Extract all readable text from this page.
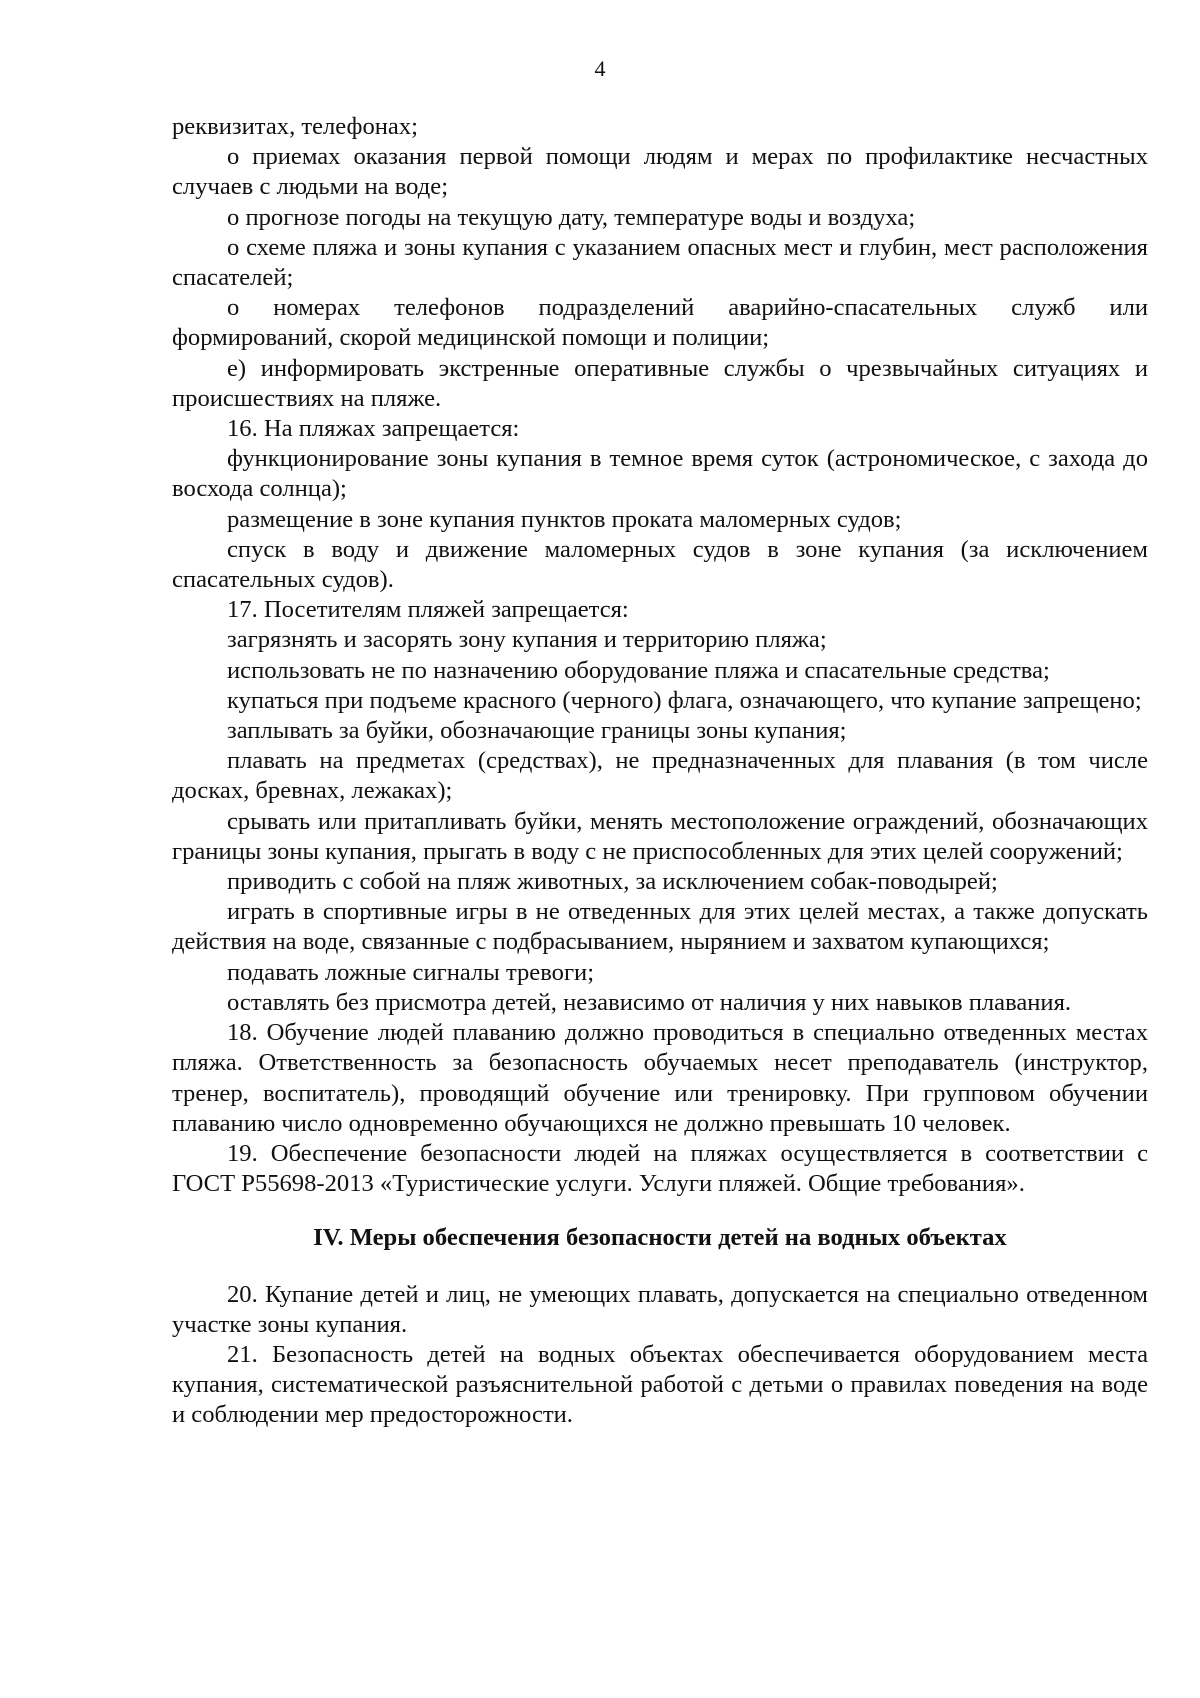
4

реквизитах, телефонах;

о приемах оказания первой помощи людям и мерах по профилактике несчастных случаев с людьми на воде;

о прогнозе погоды на текущую дату, температуре воды и воздуха;

о схеме пляжа и зоны купания с указанием опасных мест и глубин, мест расположения спасателей;

о номерах телефонов подразделений аварийно-спасательных служб или формирований, скорой медицинской помощи и полиции;

е) информировать экстренные оперативные службы о чрезвычайных ситуациях и происшествиях на пляже.

16. На пляжах запрещается:

функционирование зоны купания в темное время суток (астрономическое, с захода до восхода солнца);

размещение в зоне купания пунктов проката маломерных судов;

спуск в воду и движение маломерных судов в зоне купания (за исключением спасательных судов).

17. Посетителям пляжей запрещается:

загрязнять и засорять зону купания и территорию пляжа;

использовать не по назначению оборудование пляжа и спасательные средства;

купаться при подъеме красного (черного) флага, означающего, что купание запрещено;

заплывать за буйки, обозначающие границы зоны купания;

плавать на предметах (средствах), не предназначенных для плавания (в том числе досках, бревнах, лежаках);

срывать или притапливать буйки, менять местоположение ограждений, обозначающих границы зоны купания, прыгать в воду с не приспособленных для этих целей сооружений;

приводить с собой на пляж животных, за исключением собак-поводырей;

играть в спортивные игры в не отведенных для этих целей местах, а также допускать действия на воде, связанные с подбрасыванием, нырянием и захватом купающихся;

подавать ложные сигналы тревоги;

оставлять без присмотра детей, независимо от наличия у них навыков плавания.

18. Обучение людей плаванию должно проводиться в специально отведенных местах пляжа. Ответственность за безопасность обучаемых несет преподаватель (инструктор, тренер, воспитатель), проводящий обучение или тренировку. При групповом обучении плаванию число одновременно обучающихся не должно превышать 10 человек.

19. Обеспечение безопасности людей на пляжах осуществляется в соответствии с ГОСТ Р55698-2013 «Туристические услуги. Услуги пляжей. Общие требования».

IV. Меры обеспечения безопасности детей на водных объектах

20. Купание детей и лиц, не умеющих плавать, допускается на специально отведенном участке зоны купания.

21. Безопасность детей на водных объектах обеспечивается оборудованием места купания, систематической разъяснительной работой с детьми о правилах поведения на воде и соблюдении мер предосторожности.
